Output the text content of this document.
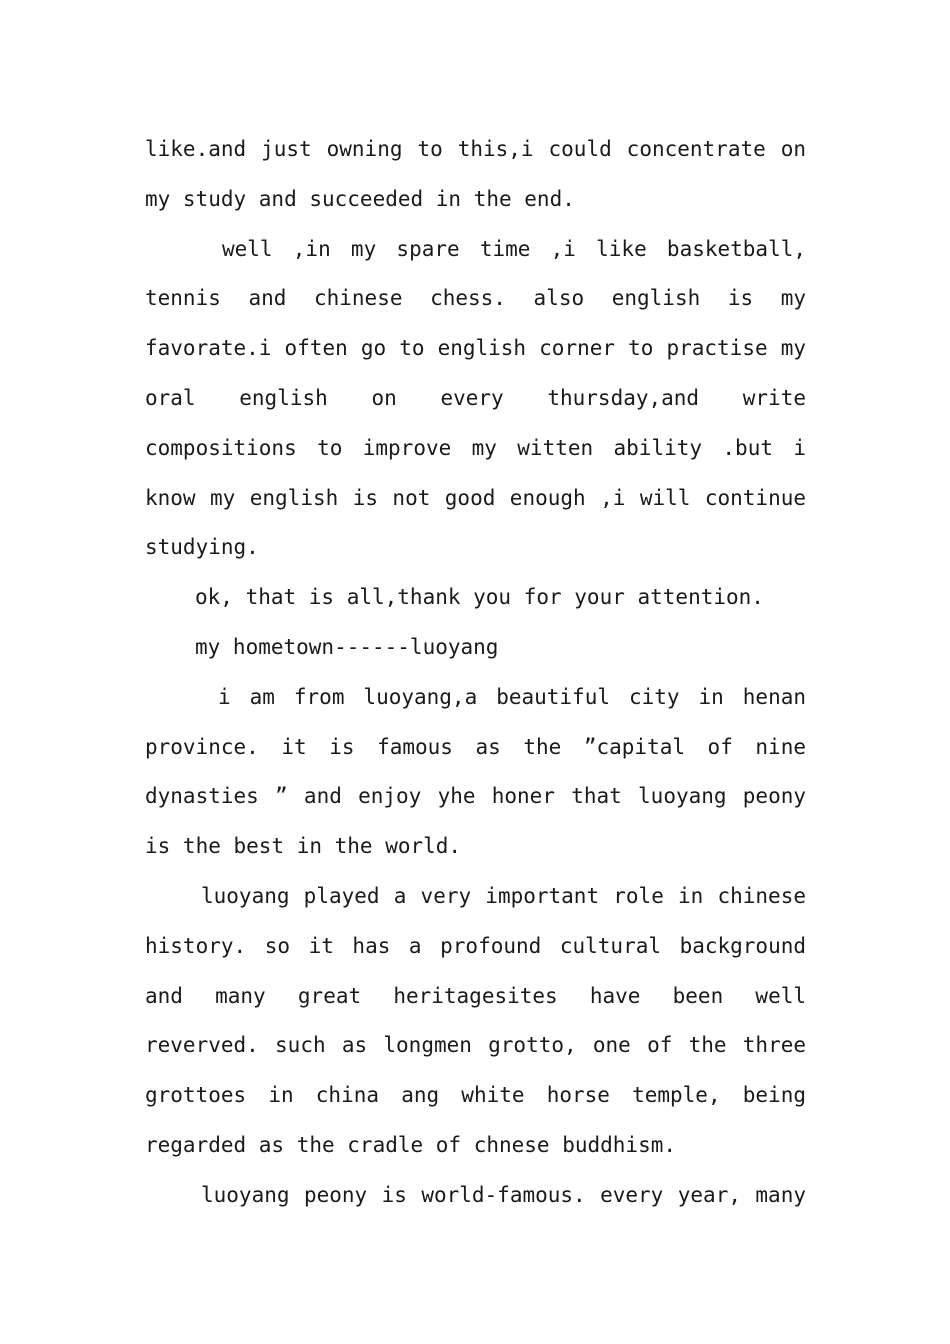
like.and just owning to this,i could concentrate on my study and succeeded in the end.

well ,in my spare time ,i like basketball, tennis and chinese chess. also english is my favorate.i often go to english corner to practise my oral english on every thursday,and write compositions to improve my witten ability .but i know my english is not good enough ,i will continue studying.

ok, that is all,thank you for your attention.

my hometown------luoyang

i am from luoyang,a beautiful city in henan province. it is famous as the ”capital of nine dynasties ” and enjoy yhe honer that luoyang peony is the best in the world.

luoyang played a very important role in chinese history. so it has a profound cultural background and many great heritagesites have been well reverved. such as longmen grotto, one of the three grottoes in china ang white horse temple, being regarded as the cradle of chnese buddhism.

luoyang peony is world-famous. every year, many
